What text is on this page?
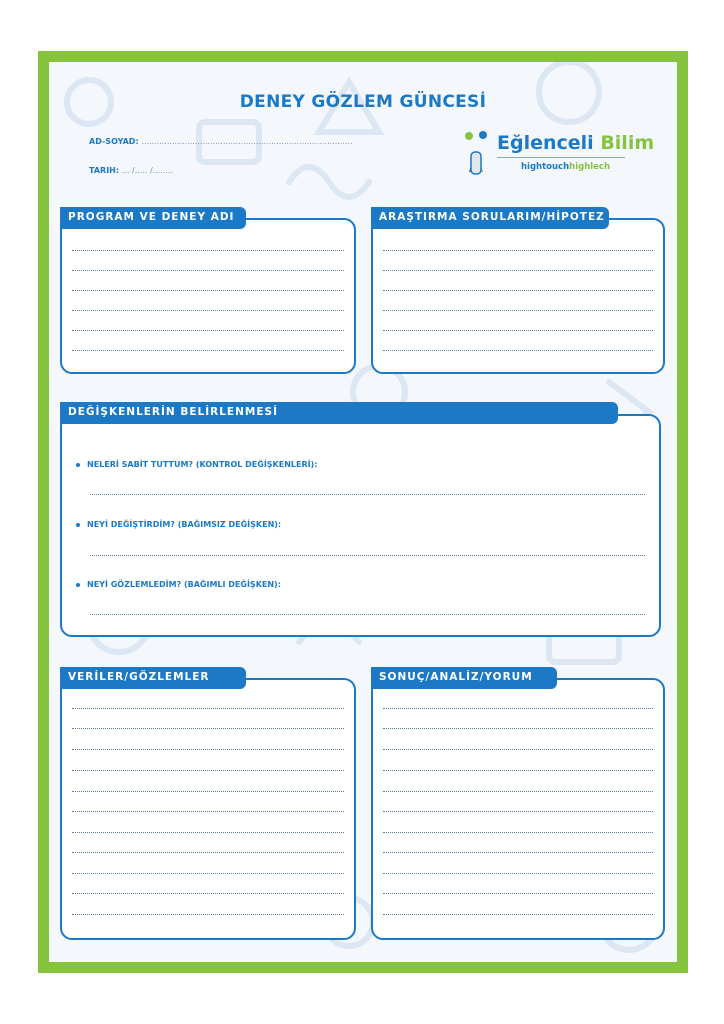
DENEY GÖZLEM GÜNCESİ
AD-SOYAD: ...................................................................................
TARIH: ... /..... /........
Eğlenceli Bilim
hightouchhighlech
PROGRAM VE DENEY ADI	ARAŞTIRMA SORULARIM/HİPOTEZ
NELERİ SABİT TUTTUM? (KONTROL DEĞİŞKENLERİ):
NEYİ DEĞİŞTİRDİM? (BAĞIMSIZ DEĞİŞKEN):
NEYİ GÖZLEMLEDİM? (BAĞIMLI DEĞİŞKEN):
DEĞİŞKENLERİN BELİRLENMESİ
VERİLER/GÖZLEMLER	SONUÇ/ANALİZ/YORUM
